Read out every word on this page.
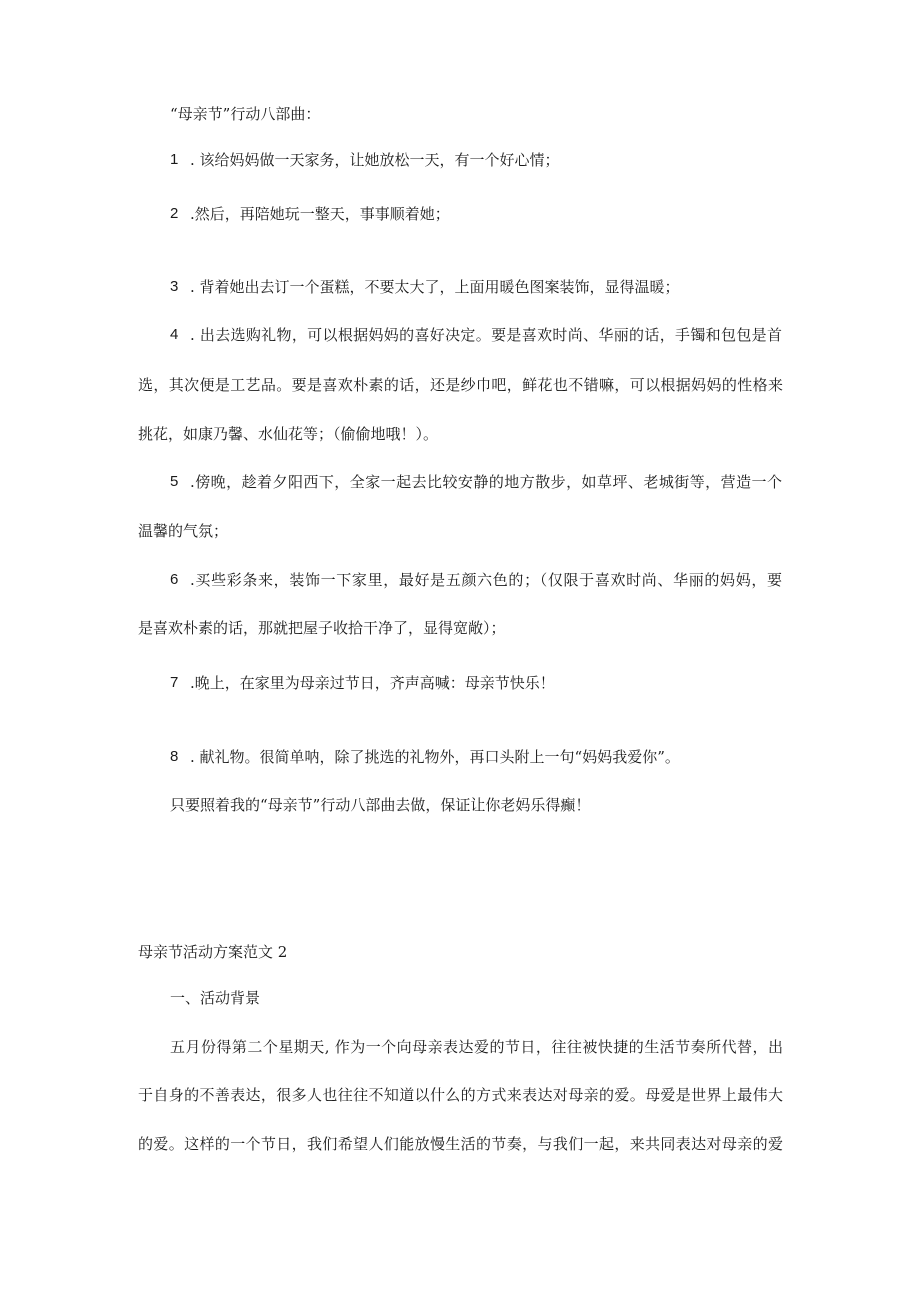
“母亲节”行动八部曲：
1 . 该给妈妈做一天家务，让她放松一天，有一个好心情；
2 .然后，再陪她玩一整天，事事顺着她；
3 . 背着她出去订一个蛋糕，不要太大了，上面用暖色图案装饰，显得温暖；
4 . 出去选购礼物，可以根据妈妈的喜好决定。要是喜欢时尚、华丽的话，手镯和包包是首
选，其次便是工艺品。要是喜欢朴素的话，还是纱巾吧，鲜花也不错嘛，可以根据妈妈的性格来
挑花，如康乃馨、水仙花等；（偷偷地哦！）。
5 .傍晚，趁着夕阳西下，全家一起去比较安静的地方散步，如草坪、老城街等，营造一个
温馨的气氛；
6 .买些彩条来，装饰一下家里，最好是五颜六色的；（仅限于喜欢时尚、华丽的妈妈，要
是喜欢朴素的话，那就把屋子收拾干净了，显得宽敞）；
7 .晚上，在家里为母亲过节日，齐声高喊：母亲节快乐！
8 . 献礼物。很简单呐，除了挑选的礼物外，再口头附上一句“妈妈我爱你”。
只要照着我的“母亲节”行动八部曲去做，保证让你老妈乐得癫！
母亲节活动方案范文 2
一、活动背景
五月份得第二个星期天, 作为一个向母亲表达爱的节日，往往被快捷的生活节奏所代替，出
于自身的不善表达，很多人也往往不知道以什么的方式来表达对母亲的爱。母爱是世界上最伟大
的爱。这样的一个节日，我们希望人们能放慢生活的节奏，与我们一起，来共同表达对母亲的爱
